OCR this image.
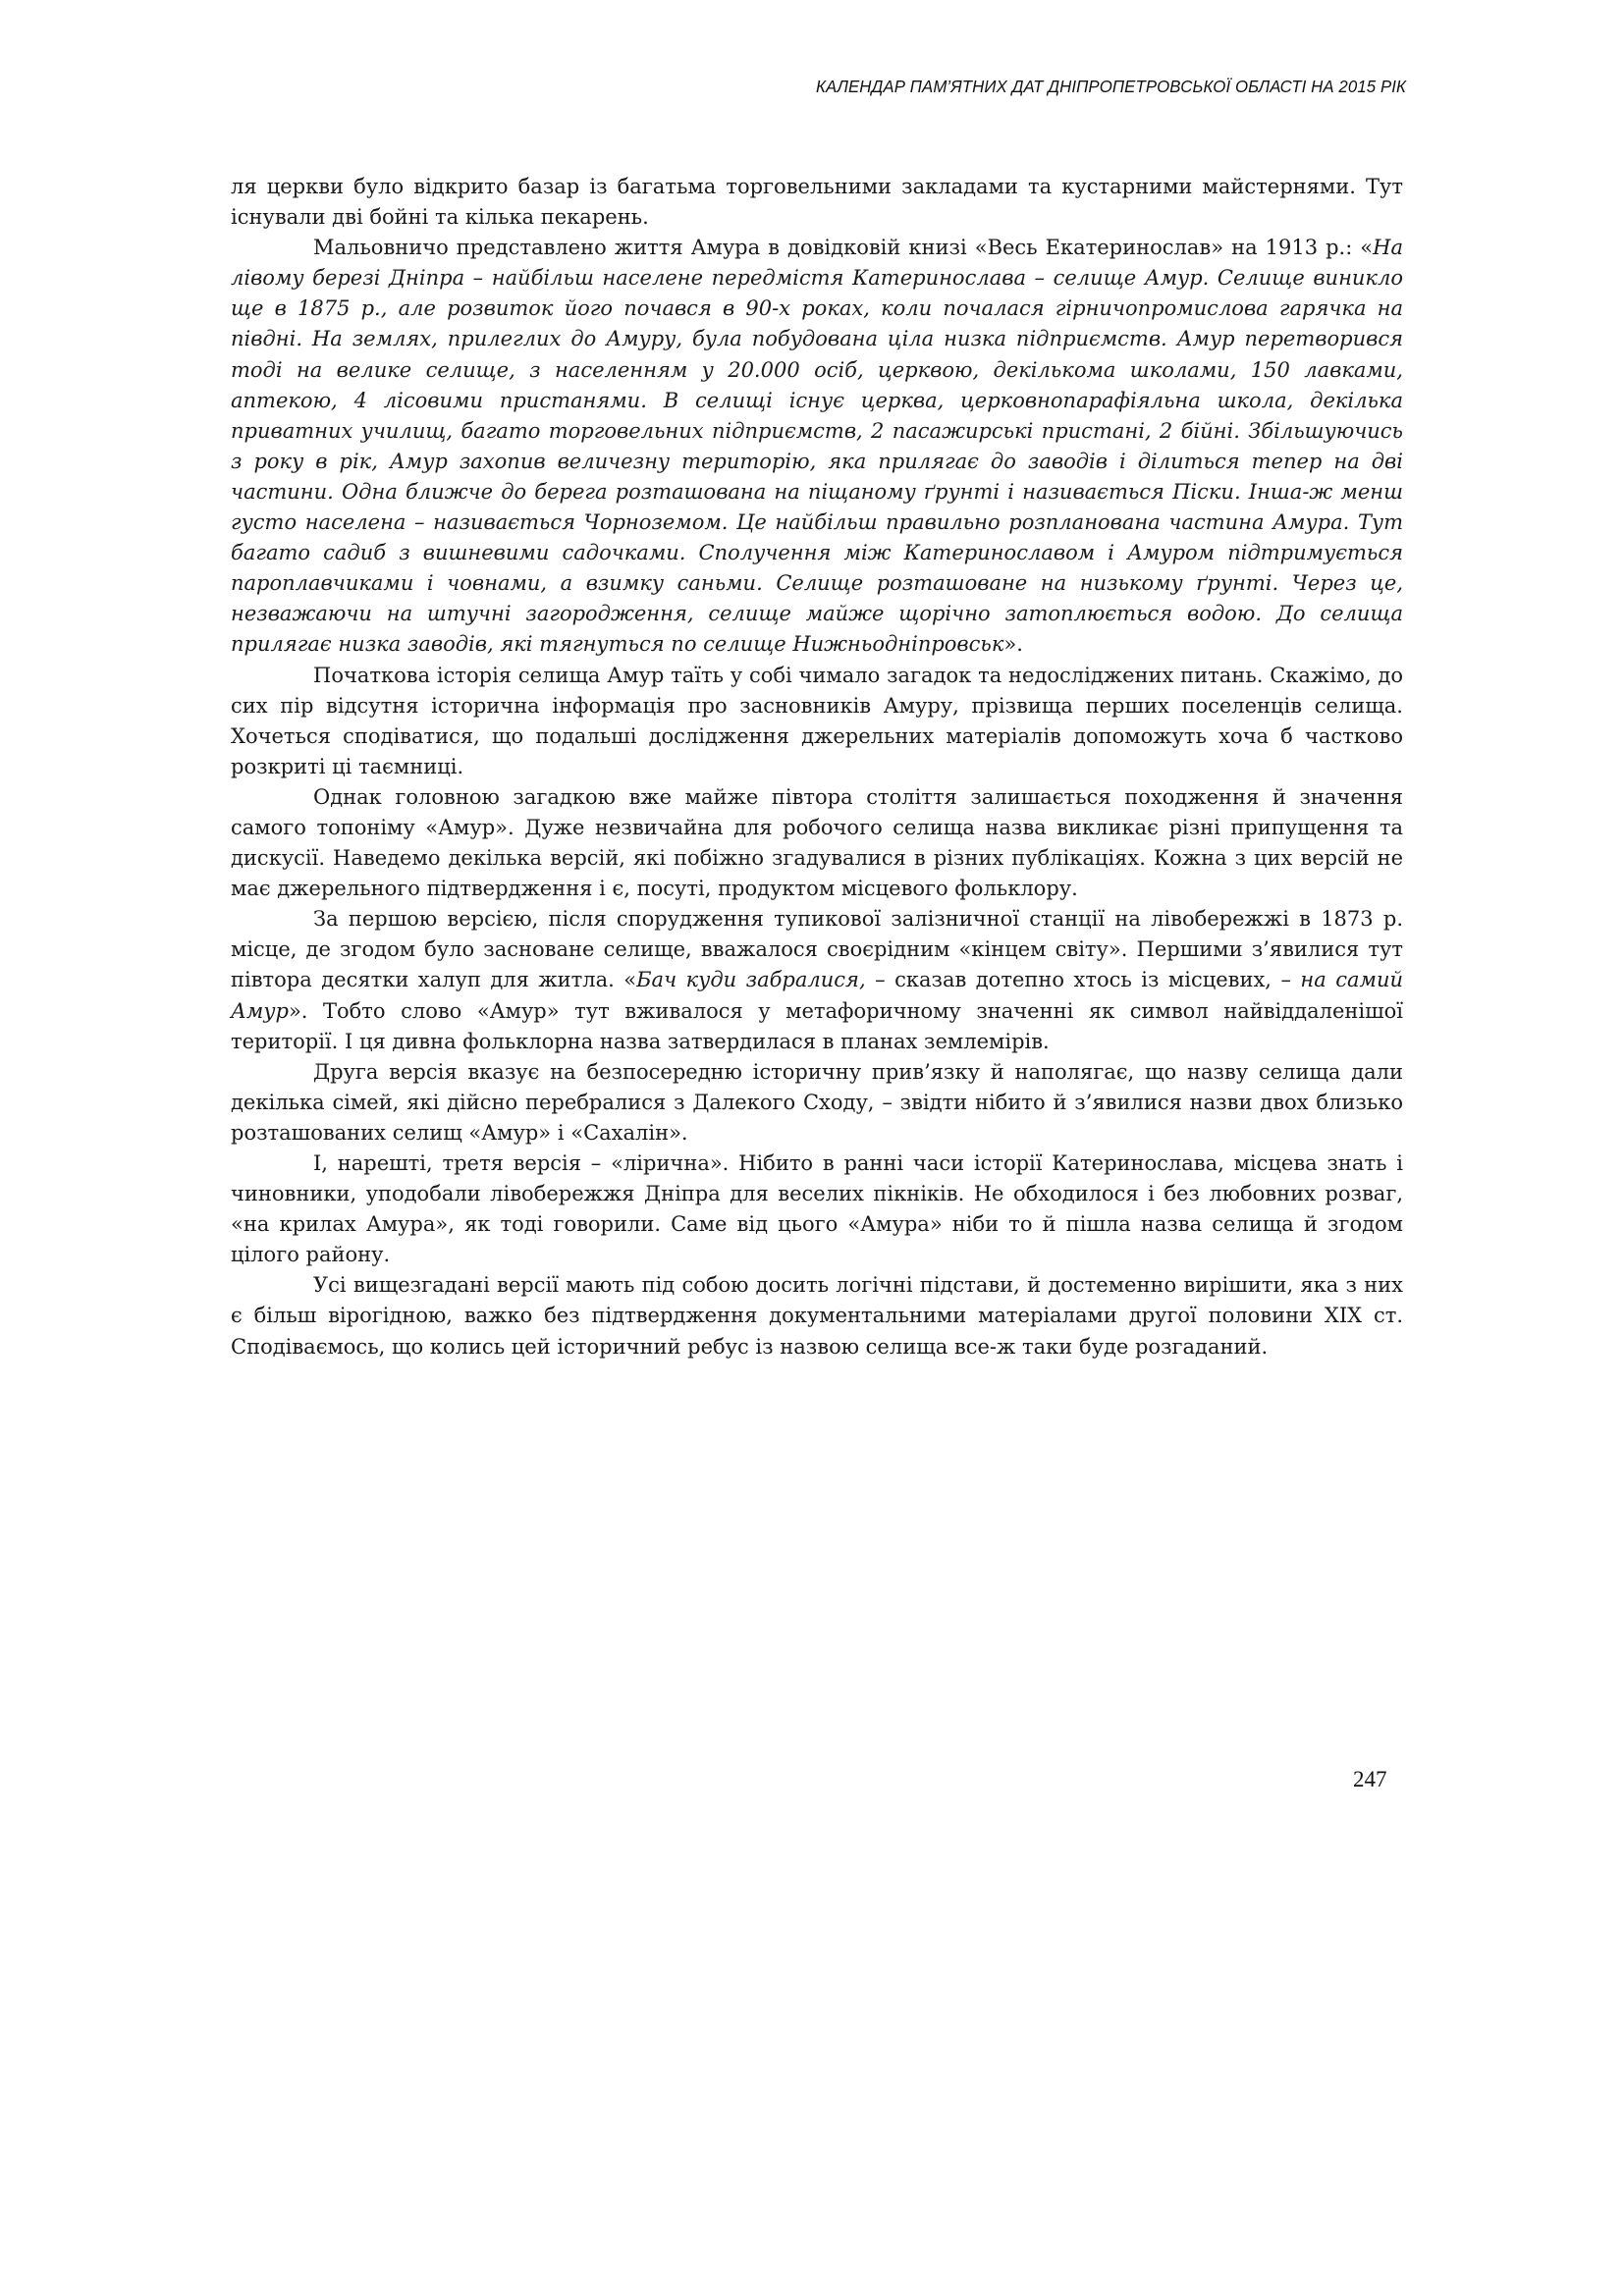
КАЛЕНДАР ПАМ’ЯТНИХ ДАТ ДНІПРОПЕТРОВСЬКОЇ ОБЛАСТІ НА 2015 РІК

ля церкви було відкрито базар із багатьма торговельними закладами та кустарними майстернями. Тут існували дві бойні та кілька пекарень.

Мальовничо представлено життя Амура в довідковій книзі «Весь Екатеринослав» на 1913 р.: «На лівому березі Дніпра – найбільш населене передмістя Катеринослава – селище Амур. Селище виникло ще в 1875 р., але розвиток його почався в 90-х роках, коли почалася гірничопромислова гарячка на півдні. На землях, прилеглих до Амуру, була побудована ціла низка підприємств. Амур перетворився тоді на велике селище, з населенням у 20.000 осіб, церквою, декількома школами, 150 лавками, аптекою, 4 лісовими пристанями. В селищі існує церква, церковнопарафіяльна школа, декілька приватних училищ, багато торговельних підприємств, 2 пасажирські пристані, 2 бійні. Збільшуючись з року в рік, Амур захопив величезну територію, яка прилягає до заводів і ділиться тепер на дві частини. Одна ближче до берега розташована на піщаному ґрунті і називається Піски. Інша-ж менш густо населена – називається Чорноземом. Це найбільш правильно розпланована частина Амура. Тут багато садиб з вишневими садочками. Сполучення між Катеринославом і Амуром підтримується пароплавчиками і човнами, а взимку саньми. Селище розташоване на низькому ґрунті. Через це, незважаючи на штучні загородження, селище майже щорічно затоплюється водою. До селища прилягає низка заводів, які тягнуться по селище Нижньодніпровськ».

Початкова історія селища Амур таїть у собі чимало загадок та недосліджених питань. Скажімо, до сих пір відсутня історична інформація про засновників Амуру, прізвища перших поселенців селища. Хочеться сподіватися, що подальші дослідження джерельних матеріалів допоможуть хоча б частково розкриті ці таємниці.

Однак головною загадкою вже майже півтора століття залишається походження й значення самого топоніму «Амур». Дуже незвичайна для робочого селища назва викликає різні припущення та дискусії. Наведемо декілька версій, які побіжно згадувалися в різних публікаціях. Кожна з цих версій не має джерельного підтвердження і є, посуті, продуктом місцевого фольклору.

За першою версією, після спорудження тупикової залізничної станції на лівобережжі в 1873 р. місце, де згодом було засноване селище, вважалося своєрідним «кінцем світу». Першими з’явилися тут півтора десятки халуп для житла. «Бач куди забралися, – сказав дотепно хтось із місцевих, – на самий Амур». Тобто слово «Амур» тут вживалося у метафоричному значенні як символ найвіддаленішої території. І ця дивна фольклорна назва затвердилася в планах землемірів.

Друга версія вказує на безпосередню історичну прив’язку й наполягає, що назву селища дали декілька сімей, які дійсно перебралися з Далекого Сходу, – звідти нібито й з’явилися назви двох близько розташованих селищ «Амур» і «Сахалін».

І, нарешті, третя версія – «лірична». Нібито в ранні часи історії Катеринослава, місцева знать і чиновники, уподобали лівобережжя Дніпра для веселих пікніків. Не обходилося і без любовних розваг, «на крилах Амура», як тоді говорили. Саме від цього «Амура» ніби то й пішла назва селища й згодом цілого району.

Усі вищезгадані версії мають під собою досить логічні підстави, й достеменно вирішити, яка з них є більш вірогідною, важко без підтвердження документальними матеріалами другої половини XIX ст. Сподіваємось, що колись цей історичний ребус із назвою селища все-ж таки буде розгаданий.

247
